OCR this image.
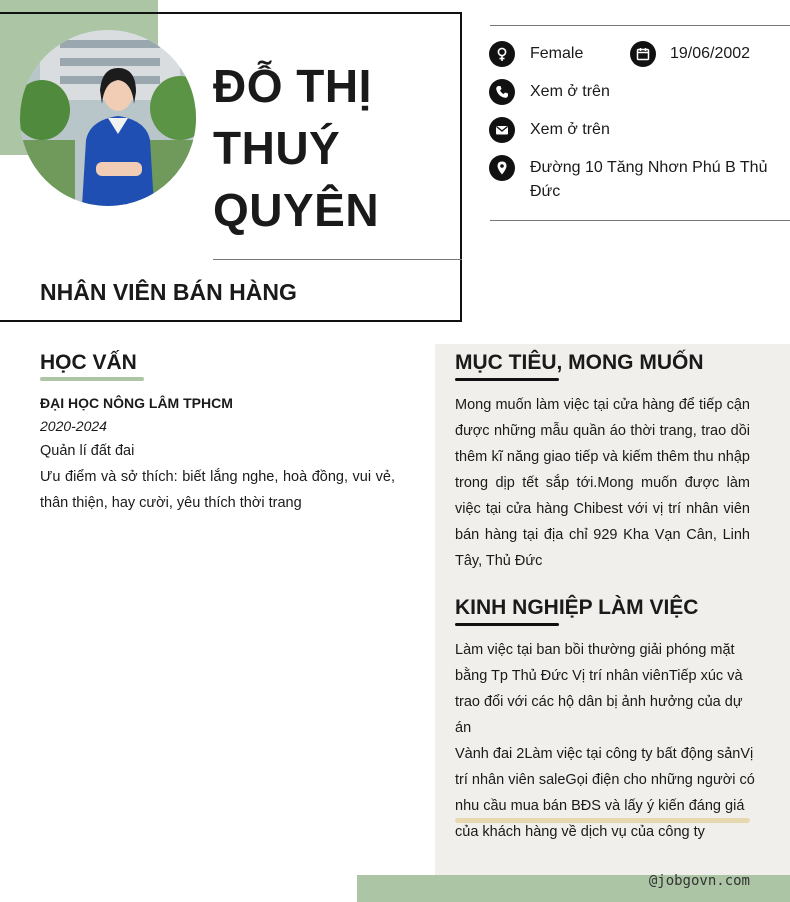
ĐỖ THỊ
THUÝ
QUYÊN
NHÂN VIÊN BÁN HÀNG
Female	19/06/2002
Xem ở trên
Xem ở trên
Đường 10 Tăng Nhơn Phú B Thủ
Đức
HỌC VẤN
ĐẠI HỌC NÔNG LÂM TPHCM
2020-2024
Quản lí đất đai
Ưu điểm và sở thích: biết lắng nghe, hoà đồng, vui vẻ, thân thiện, hay cười, yêu thích thời trang
MỤC TIÊU, MONG MUỐN
Mong muốn làm việc tại cửa hàng để tiếp cận được những mẫu quần áo thời trang, trao dồi thêm kĩ năng giao tiếp và kiếm thêm thu nhập trong dịp tết sắp tới.Mong muốn được làm việc tại cửa hàng Chibest với vị trí nhân viên bán hàng tại địa chỉ 929 Kha Vạn Cân, Linh Tây, Thủ Đức
KINH NGHIỆP LÀM VIỆC
Làm việc tại ban bồi thường giải phóng mặt
bằng Tp Thủ Đức Vị trí nhân viênTiếp xúc và
trao đổi với các hộ dân bị ảnh hưởng của dự án
Vành đai 2Làm việc tại công ty bất động sảnVị
trí nhân viên saleGọi điện cho những người có
nhu cầu mua bán BĐS và lấy ý kiến đáng giá
của khách hàng về dịch vụ của công ty
@jobgovn.com
